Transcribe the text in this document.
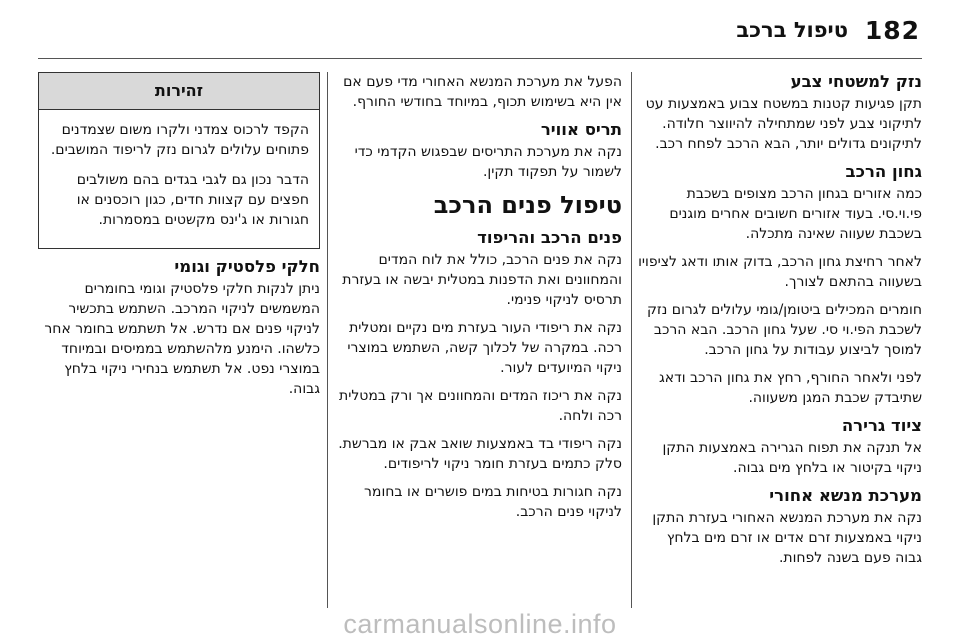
182
טיפול ברכב
נזק למשטחי צבע

תקן פגיעות קטנות במשטח צבוע באמצעות עט לתיקוני צבע לפני שמתחילה להיווצר חלודה. לתיקונים גדולים יותר, הבא הרכב לפחח רכב.

גחון הרכב

כמה אזורים בגחון הרכב מצופים בשכבת פי.וי.סי. בעוד אזורים חשובים אחרים מוגנים בשכבת שעווה שאינה מתכלה.

לאחר רחיצת גחון הרכב, בדוק אותו ודאג לציפויו בשעווה בהתאם לצורך.

חומרים המכילים ביטומן/גומי עלולים לגרום נזק לשכבת הפי.וי סי. שעל גחון הרכב. הבא הרכב למוסך לביצוע עבודות על גחון הרכב.

לפני ולאחר החורף, רחץ את גחון הרכב ודאג שתיבדק שכבת המגן משעווה.

ציוד גרירה

אל תנקה את תפוח הגרירה באמצעות התקן ניקוי בקיטור או בלחץ מים גבוה.

מערכת מנשא אחורי

נקה את מערכת המנשא האחורי בעזרת התקן ניקוי באמצעות זרם אדים או זרם מים בלחץ גבוה פעם בשנה לפחות.

הפעל את מערכת המנשא האחורי מדי פעם אם אין היא בשימוש תכוף, במיוחד בחודשי החורף.

תריס אוויר

נקה את מערכת התריסים שבפגוש הקדמי כדי לשמור על תפקוד תקין.

טיפול פנים הרכב
פנים הרכב והריפוד

נקה את פנים הרכב, כולל את לוח המדים והמחוונים ואת הדפנות במטלית יבשה או בעזרת תרסיס לניקוי פנימי.

נקה את ריפודי העור בעזרת מים נקיים ומטלית רכה. במקרה של לכלוך קשה, השתמש במוצרי ניקוי המיועדים לעור.

נקה את ריכוז המדים והמחוונים אך ורק במטלית רכה ולחה.

נקה ריפודי בד באמצעות שואב אבק או מברשת. סלק כתמים בעזרת חומר ניקוי לריפודים.

נקה חגורות בטיחות במים פושרים או בחומר לניקוי פנים הרכב.

זהירות

הקפד לרכוס צמדני ולקרו משום שצמדנים פתוחים עלולים לגרום נזק לריפוד המושבים.

הדבר נכון גם לגבי בגדים בהם משולבים חפצים עם קצוות חדים, כגון רוכסנים או חגורות או ג'ינס מקשטים במסמרות.

חלקי פלסטיק וגומי

ניתן לנקות חלקי פלסטיק וגומי בחומרים המשמשים לניקוי המרכב. השתמש בתכשיר לניקוי פנים אם נדרש. אל תשתמש בחומר אחר כלשהו. הימנע מלהשתמש בממיסים ובמיוחד במוצרי נפט. אל תשתמש בנחירי ניקוי בלחץ גבוה.

carmanualsonline.info
